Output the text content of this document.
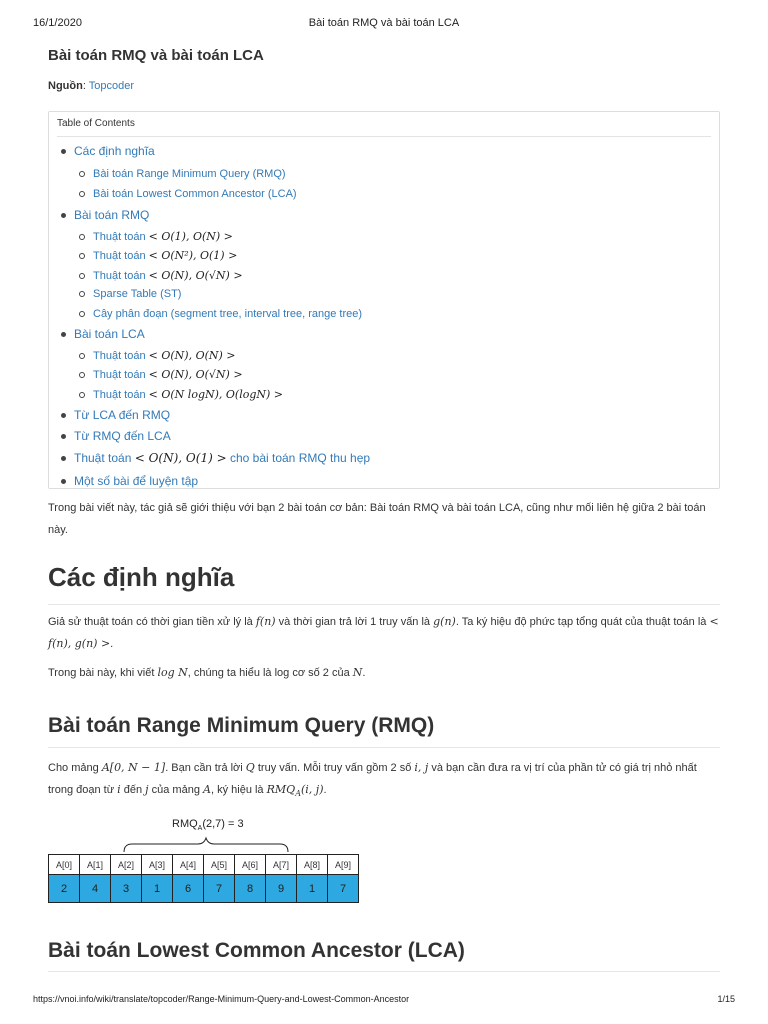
16/1/2020	Bài toán RMQ và bài toán LCA
Bài toán RMQ và bài toán LCA
Nguồn: Topcoder
Table of Contents
Các định nghĩa
Bài toán Range Minimum Query (RMQ)
Bài toán Lowest Common Ancestor (LCA)
Bài toán RMQ
Thuật toán < O(1), O(N) >
Thuật toán < O(N²), O(1) >
Thuật toán < O(N), O(√N) >
Sparse Table (ST)
Cây phân đoạn (segment tree, interval tree, range tree)
Bài toán LCA
Thuật toán < O(N), O(N) >
Thuật toán < O(N), O(√N) >
Thuật toán < O(N logN), O(logN) >
Từ LCA đến RMQ
Từ RMQ đến LCA
Thuật toán < O(N), O(1) > cho bài toán RMQ thu hẹp
Một số bài để luyện tập
Trong bài viết này, tác giả sẽ giới thiệu với bạn 2 bài toán cơ bản: Bài toán RMQ và bài toán LCA, cũng như mối liên hệ giữa 2 bài toán này.
Các định nghĩa
Giả sử thuật toán có thời gian tiền xử lý là f(n) và thời gian trả lời 1 truy vấn là g(n). Ta ký hiệu độ phức tạp tổng quát của thuật toán là < f(n), g(n) >.
Trong bài này, khi viết log N, chúng ta hiểu là log cơ số 2 của N.
Bài toán Range Minimum Query (RMQ)
Cho mảng A[0, N − 1]. Bạn cần trả lời Q truy vấn. Mỗi truy vấn gồm 2 số i, j và bạn cần đưa ra vị trí của phần tử có giá trị nhỏ nhất trong đoạn từ i đến j của mảng A, ký hiệu là $RMQ_A(i$, j).
$RMQ_A(2,7) = 3$
A[0]	A[1]	A[2]	A[3]	A[4]	A[5]	A[6]	A[7]	A[8]	A[9]
2	4	3	1	6	7	8	9	1	7
Bài toán Lowest Common Ancestor (LCA)
https://vnoi.info/wiki/translate/topcoder/Range-Minimum-Query-and-Lowest-Common-Ancestor	1/15
